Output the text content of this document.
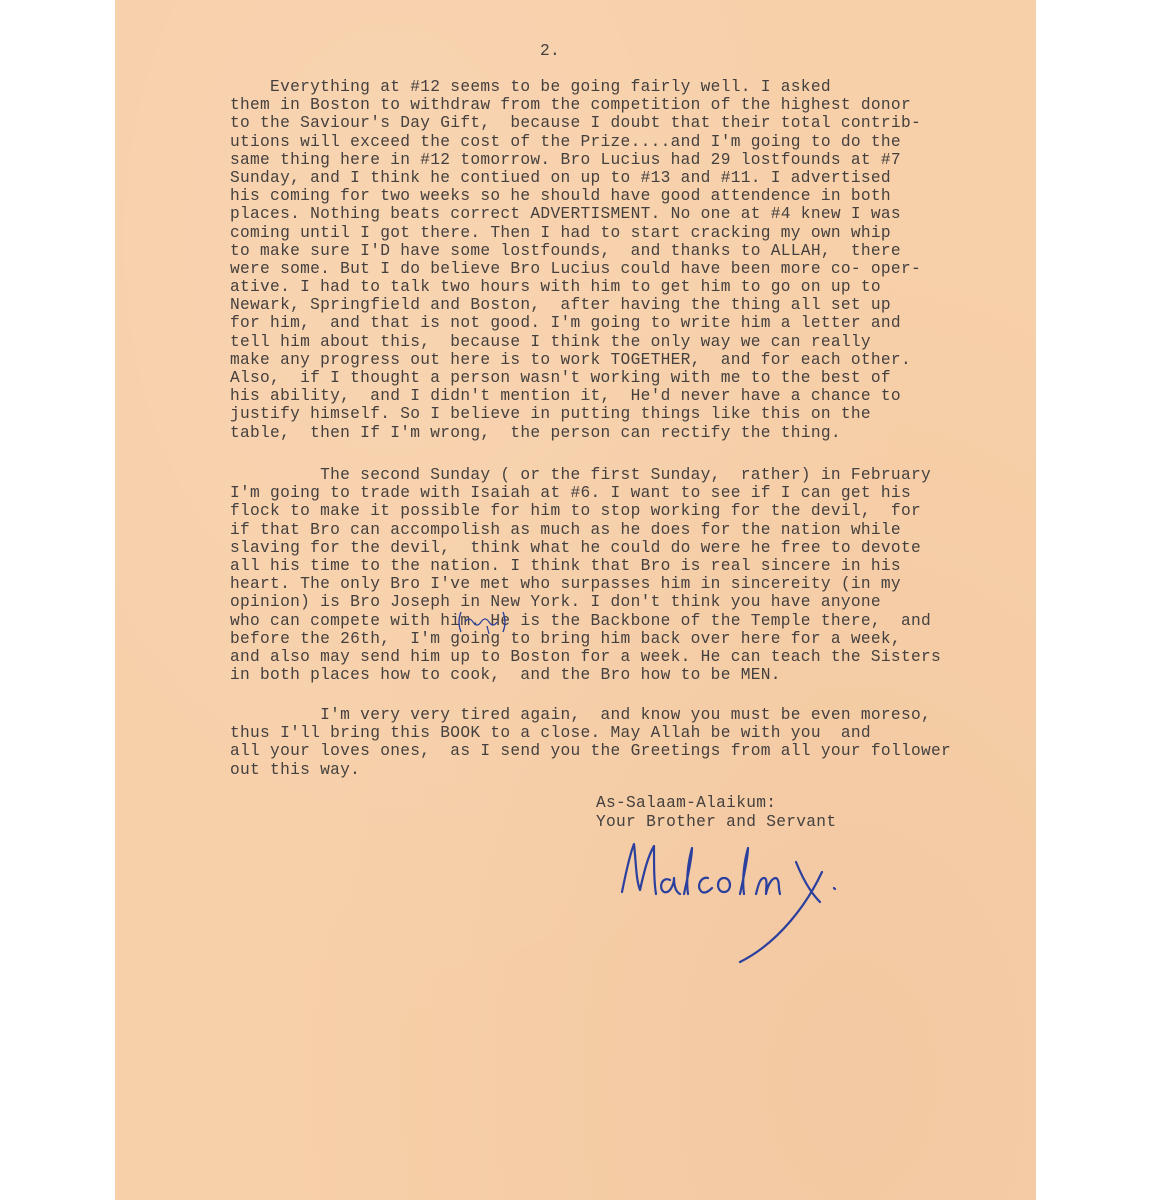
2.
Everything at #12 seems to be going fairly well. I asked
them in Boston to withdraw from the competition of the highest donor
to the Saviour's Day Gift,  because I doubt that their total contrib-
utions will exceed the cost of the Prize....and I'm going to do the
same thing here in #12 tomorrow. Bro Lucius had 29 lostfounds at #7
Sunday, and I think he contiued on up to #13 and #11. I advertised
his coming for two weeks so he should have good attendence in both
places. Nothing beats correct ADVERTISMENT. No one at #4 knew I was
coming until I got there. Then I had to start cracking my own whip
to make sure I'D have some lostfounds,  and thanks to ALLAH,  there
were some. But I do believe Bro Lucius could have been more co- oper-
ative. I had to talk two hours with him to get him to go on up to
Newark, Springfield and Boston,  after having the thing all set up
for him,  and that is not good. I'm going to write him a letter and
tell him about this,  because I think the only way we can really
make any progress out here is to work TOGETHER,  and for each other.
Also,  if I thought a person wasn't working with me to the best of
his ability,  and I didn't mention it,  He'd never have a chance to
justify himself. So I believe in putting things like this on the
table,  then If I'm wrong,  the person can rectify the thing.
The second Sunday ( or the first Sunday,  rather) in February
I'm going to trade with Isaiah at #6. I want to see if I can get his
flock to make it possible for him to stop working for the devil,  for
if that Bro can accompolish as much as he does for the nation while
slaving for the devil,  think what he could do were he free to devote
all his time to the nation. I think that Bro is real sincere in his
heart. The only Bro I've met who surpasses him in sincereity (in my
opinion) is Bro Joseph in New York. I don't think you have anyone
who can compete with him. He is the Backbone of the Temple there,  and
before the 26th,  I'm going to bring him back over here for a week,
and also may send him up to Boston for a week. He can teach the Sisters
in both places how to cook,  and the Bro how to be MEN.
I'm very very tired again,  and know you must be even moreso,
thus I'll bring this BOOK to a close. May Allah be with you  and
all your loves ones,  as I send you the Greetings from all your follower
out this way.
As-Salaam-Alaikum:
Your Brother and Servant
